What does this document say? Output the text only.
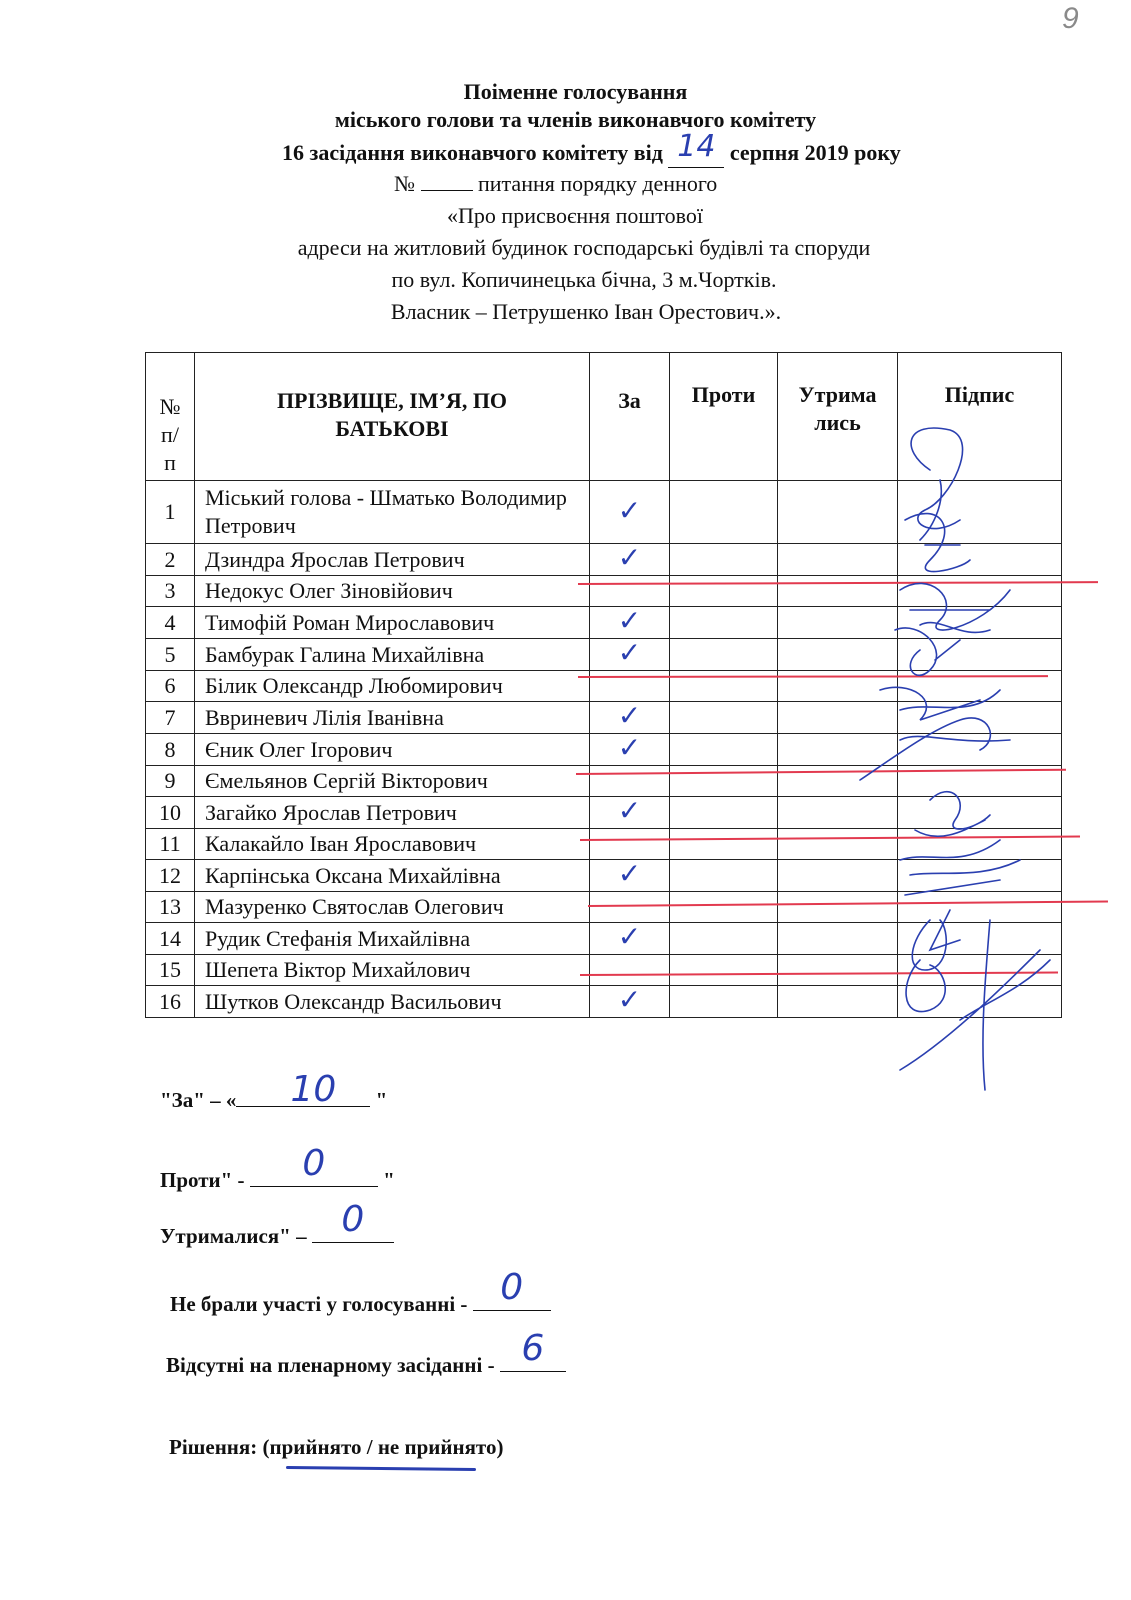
9
Поіменне голосування
міського голови та членів виконавчого комітету
16 засідання виконавчого комітету від 14 серпня 2019 року
№	питання порядку денного
«Про присвоєння поштової
адреси на житловий будинок господарські будівлі та споруди
по вул. Копичинецька бічна, 3 м.Чортків.
Власник – Петрушенко Іван Орестович.».
№ п/ п	ПРІЗВИЩЕ, ІМ’Я, ПО БАТЬКОВІ	За	Проти	Утрима лись	Підпис
1	Міський голова - Шматько Володимир Петрович	✓			
2	Дзиндра Ярослав Петрович	✓			
3	Недокус Олег Зіновійович				
4	Тимофій Роман Мирославович	✓			
5	Бамбурак Галина Михайлівна	✓			
6	Білик Олександр Любомирович				
7	Ввриневич Лілія Іванівна	✓			
8	Єник Олег Ігорович	✓			
9	Ємельянов Сергій Вікторович				
10	Загайко Ярослав Петрович	✓			
11	Калакайло Іван Ярославович				
12	Карпінська Оксана Михайлівна	✓			
13	Мазуренко Святослав Олегович				
14	Рудик Стефанія Михайлівна	✓			
15	Шепета Віктор Михайлович				
16	Шутков Олександр Васильович	✓			
"За" – «	10	"
Проти" -	0	"
Утрималися" – 0
Не брали участі у голосуванні - 0
Відсутні на пленарному засіданні - 6
Рішення: (прийнято / не прийнято)
